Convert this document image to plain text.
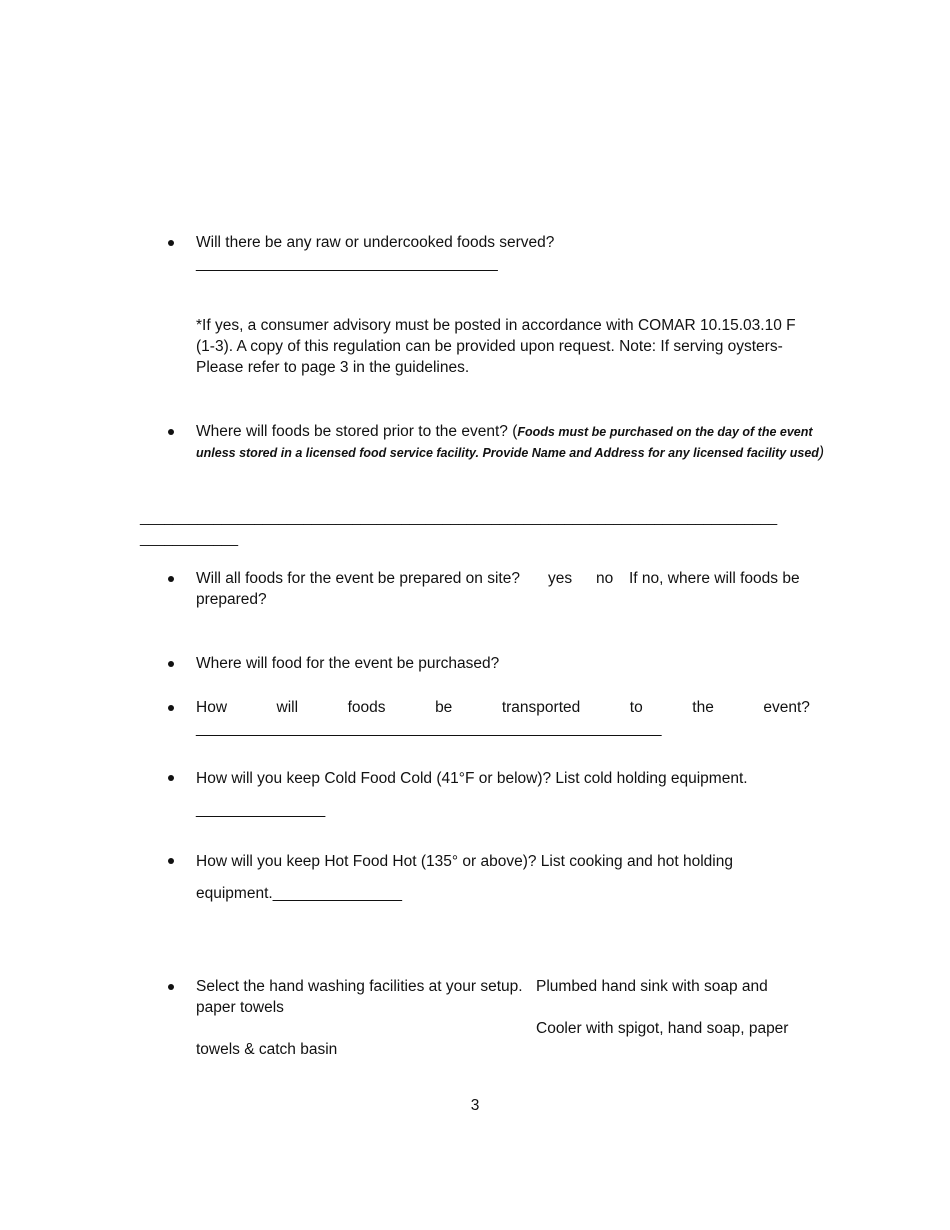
Will there be any raw or undercooked foods served?
___________________________________
*If yes, a consumer advisory must be posted in accordance with COMAR 10.15.03.10 F
(1-3). A copy of this regulation can be provided upon request. Note: If serving oysters-
Please refer to page 3 in the guidelines.
Where will foods be stored prior to the event? (Foods must be purchased on the day of the event
unless stored in a licensed food service facility. Provide Name and Address for any licensed facility used)
______________________________________________________________________________
____________
Will all foods for the event be prepared on site? yes no If no, where will foods be
prepared?
Where will food for the event be purchased?
How	will	foods	be	transported	to	the	event?
______________________________________________________
How will you keep Cold Food Cold (41°F or below)? List cold holding equipment.
_______________
How will you keep Hot Food Hot (135° or above)? List cooking and hot holding
equipment._______________
Select the hand washing facilities at your setup. Plumbed hand sink with soap and
paper towels
Cooler with spigot, hand soap, paper
towels & catch basin
3
